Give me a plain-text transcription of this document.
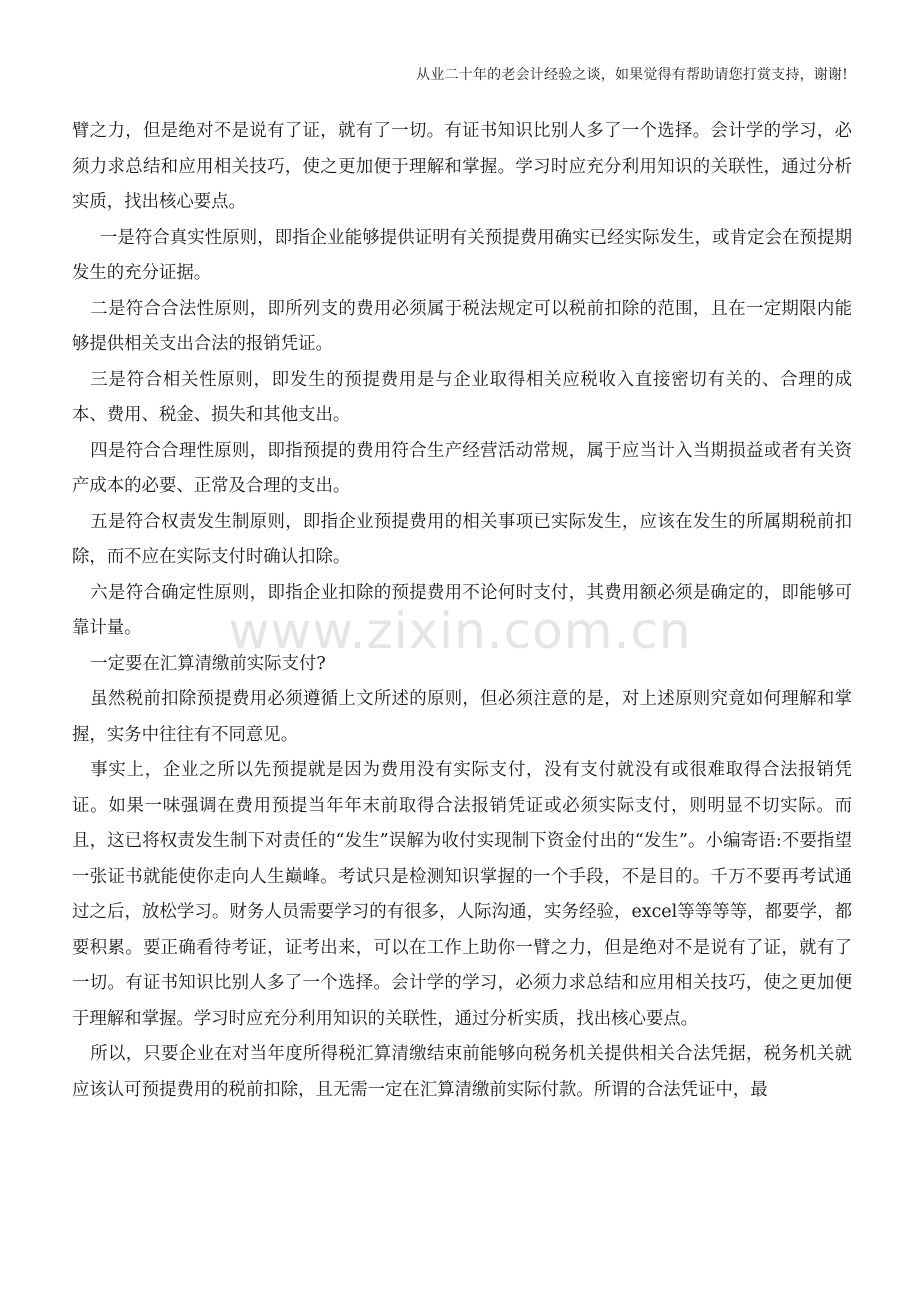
从业二十年的老会计经验之谈，如果觉得有帮助请您打赏支持，谢谢!

臂之力，但是绝对不是说有了证，就有了一切。有证书知识比别人多了一个选择。会计学的学习，必须力求总结和应用相关技巧，使之更加便于理解和掌握。学习时应充分利用知识的关联性，通过分析实质，找出核心要点。

一是符合真实性原则，即指企业能够提供证明有关预提费用确实已经实际发生，或肯定会在预提期发生的充分证据。

二是符合合法性原则，即所列支的费用必须属于税法规定可以税前扣除的范围，且在一定期限内能够提供相关支出合法的报销凭证。

三是符合相关性原则，即发生的预提费用是与企业取得相关应税收入直接密切有关的、合理的成本、费用、税金、损失和其他支出。

四是符合合理性原则，即指预提的费用符合生产经营活动常规，属于应当计入当期损益或者有关资产成本的必要、正常及合理的支出。

五是符合权责发生制原则，即指企业预提费用的相关事项已实际发生，应该在发生的所属期税前扣除，而不应在实际支付时确认扣除。

六是符合确定性原则，即指企业扣除的预提费用不论何时支付，其费用额必须是确定的，即能够可靠计量。

一定要在汇算清缴前实际支付?

虽然税前扣除预提费用必须遵循上文所述的原则，但必须注意的是，对上述原则究竟如何理解和掌握，实务中往往有不同意见。

事实上，企业之所以先预提就是因为费用没有实际支付，没有支付就没有或很难取得合法报销凭证。如果一味强调在费用预提当年年末前取得合法报销凭证或必须实际支付，则明显不切实际。而且，这已将权责发生制下对责任的“发生”误解为收付实现制下资金付出的“发生”。小编寄语:不要指望一张证书就能使你走向人生巅峰。考试只是检测知识掌握的一个手段，不是目的。千万不要再考试通过之后，放松学习。财务人员需要学习的有很多，人际沟通，实务经验，excel等等等等，都要学，都要积累。要正确看待考证，证考出来，可以在工作上助你一臂之力，但是绝对不是说有了证，就有了一切。有证书知识比别人多了一个选择。会计学的学习，必须力求总结和应用相关技巧，使之更加便于理解和掌握。学习时应充分利用知识的关联性，通过分析实质，找出核心要点。

所以，只要企业在对当年度所得税汇算清缴结束前能够向税务机关提供相关合法凭据，税务机关就应该认可预提费用的税前扣除，且无需一定在汇算清缴前实际付款。所谓的合法凭证中，最

www.zixin.com.cn
